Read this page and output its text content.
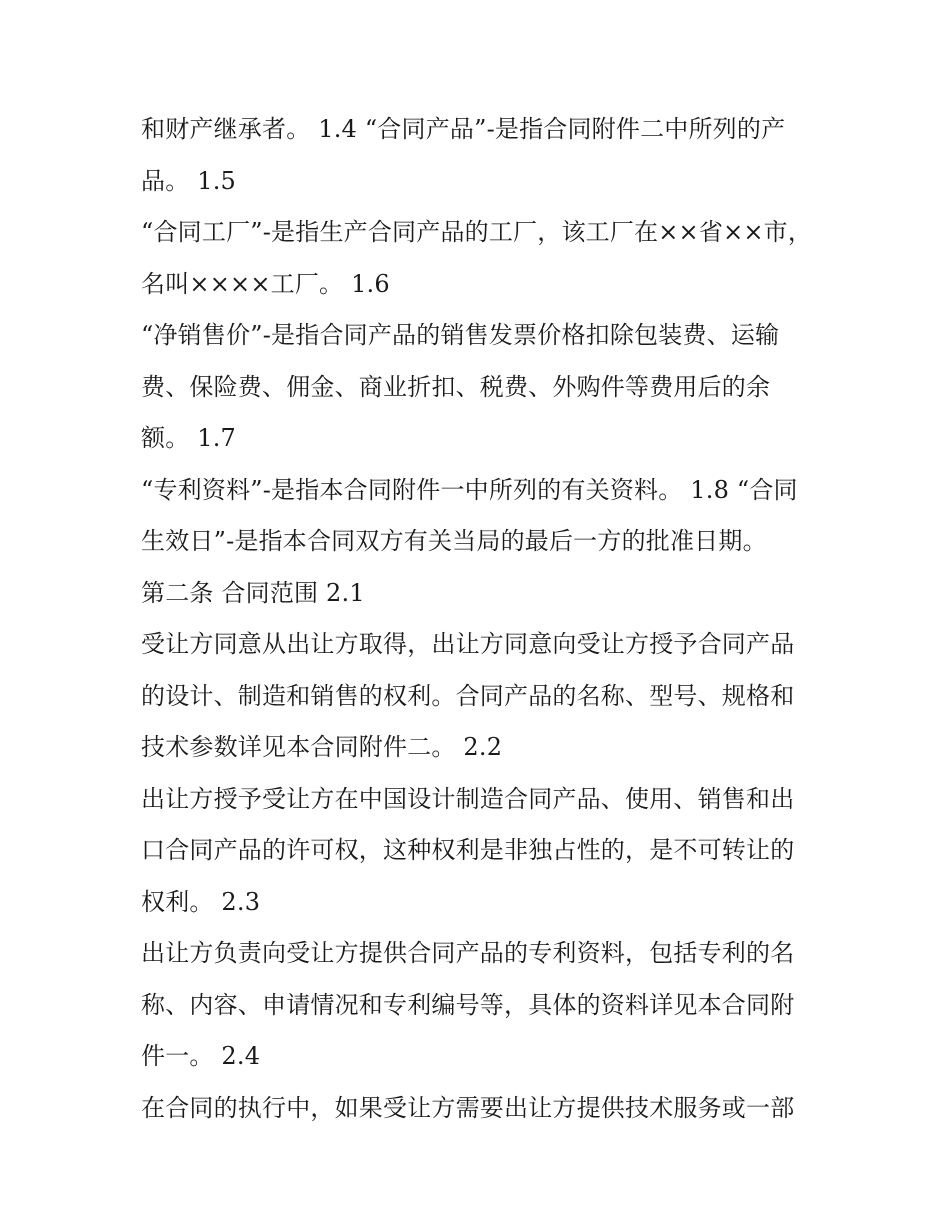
和财产继承者。 1.4 “合同产品”-是指合同附件二中所列的产
品。 1.5
“合同工厂”-是指生产合同产品的工厂，该工厂在××省××市，
名叫××××工厂。 1.6
“净销售价”-是指合同产品的销售发票价格扣除包装费、运输
费、保险费、佣金、商业折扣、税费、外购件等费用后的余
额。 1.7
“专利资料”-是指本合同附件一中所列的有关资料。 1.8 “合同
生效日”-是指本合同双方有关当局的最后一方的批准日期。
第二条 合同范围 2.1
受让方同意从出让方取得，出让方同意向受让方授予合同产品
的设计、制造和销售的权利。合同产品的名称、型号、规格和
技术参数详见本合同附件二。 2.2
出让方授予受让方在中国设计制造合同产品、使用、销售和出
口合同产品的许可权，这种权利是非独占性的，是不可转让的
权利。 2.3
出让方负责向受让方提供合同产品的专利资料，包括专利的名
称、内容、申请情况和专利编号等，具体的资料详见本合同附
件一。 2.4
在合同的执行中，如果受让方需要出让方提供技术服务或一部
